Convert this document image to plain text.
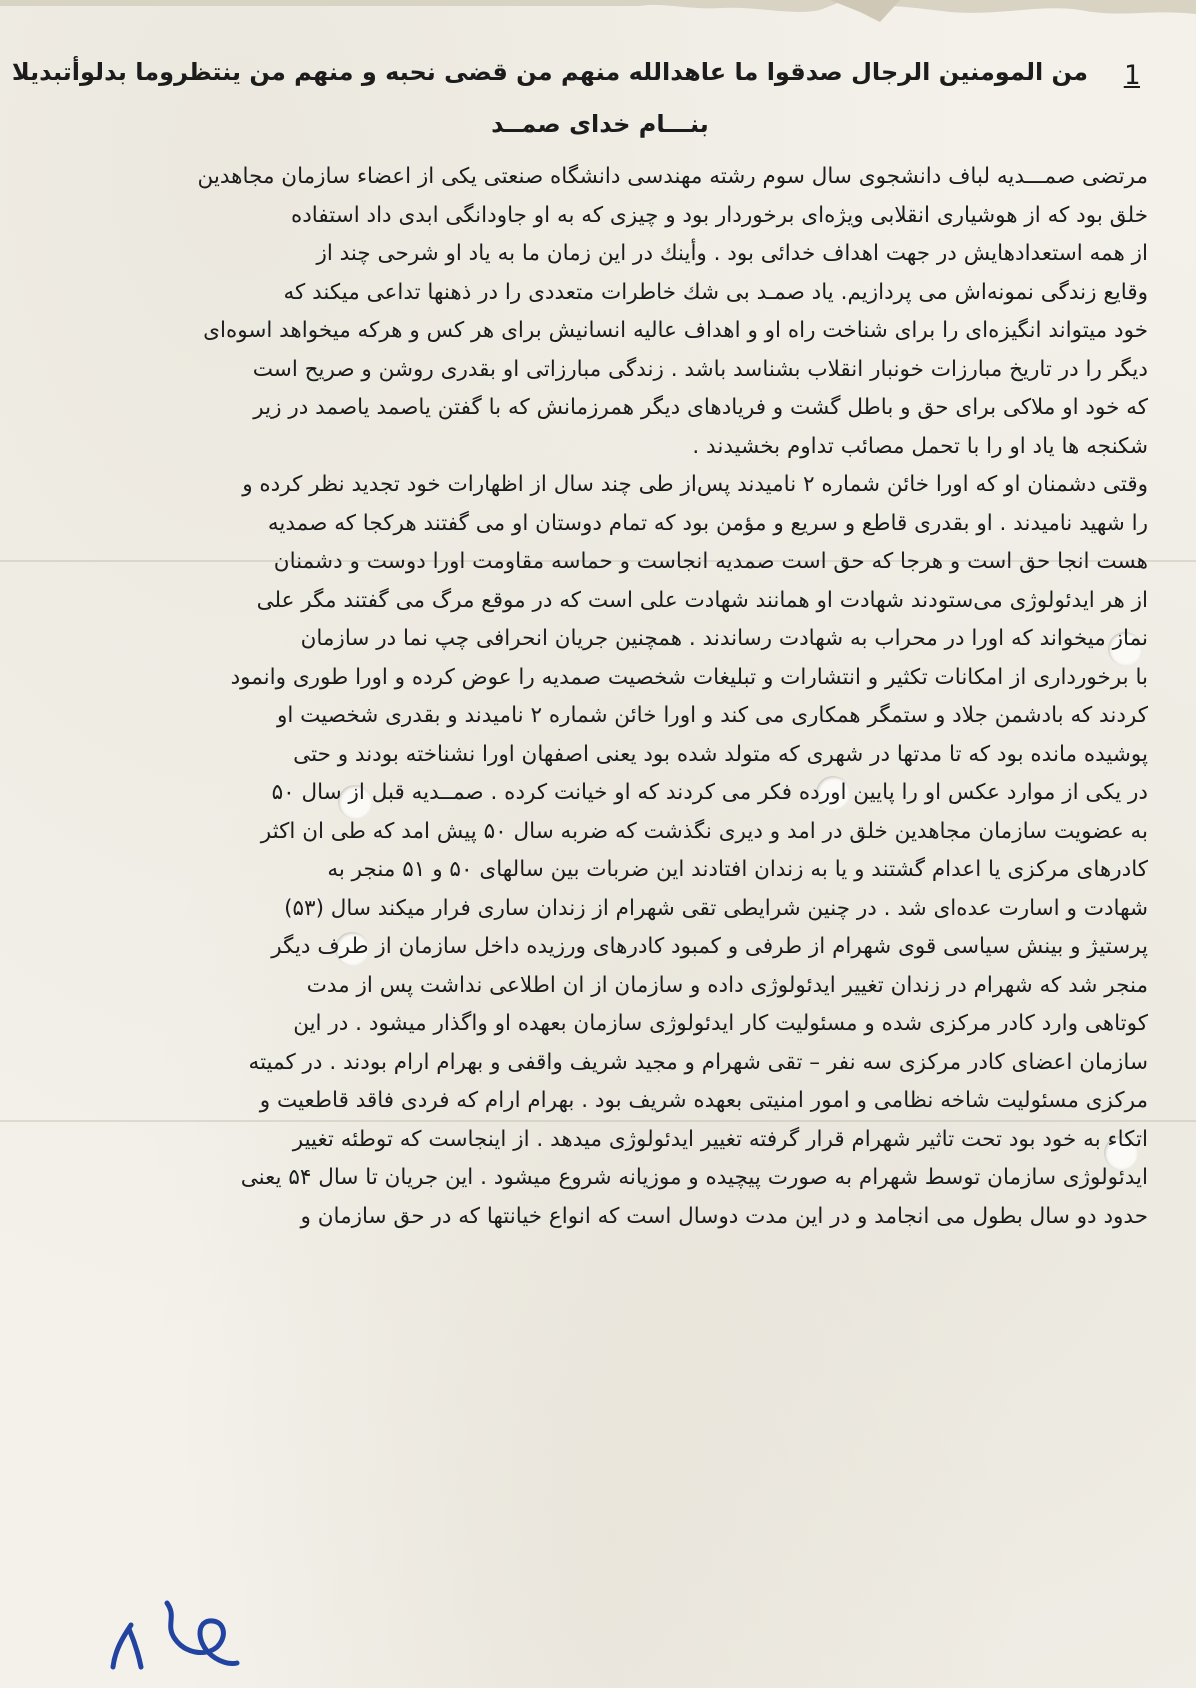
1
من المومنین الرجال صدقوا ما عاهدالله منهم من قضی نحبه و منهم من ینتظروما بدلوأتبدیلا
بنـــام خدای صمــد
مرتضی صمـــدیه لباف دانشجوی سال سوم رشته مهندسی دانشگاه صنعتی یکی از اعضاء سازمان مجاهدین
خلق بود که از هوشیاری انقلابی ویژه‌ای برخوردار بود و چیزی که به او جاودانگی ابدی داد استفاده
از همه استعدادهایش در جهت اهداف خدائی بود . وأینك در این زمان ما به یاد او شرحی چند از
وقایع زندگی نمونه‌اش می پردازیم. یاد صمـد بی شك خاطرات متعددی را در ذهنها تداعی میکند که
خود میتواند انگیزه‌ای را برای شناخت راه او و اهداف عالیه انسانیش برای هر کس و هرکه میخواهد اسوه‌ای
دیگر را در تاریخ مبارزات خونبار انقلاب بشناسد باشد . زندگی مبارزاتی او بقدری روشن و صریح است
که خود او ملاکی برای حق و باطل گشت و فریادهای دیگر همرزمانش که با گفتن یاصمد یاصمد در زیر
شکنجه ها یاد او را با تحمل مصائب تداوم بخشیدند .
وقتی دشمنان او که اورا خائن شماره ۲ نامیدند پس‌از طی چند سال از اظهارات خود تجدید نظر کرده و
را شهید نامیدند . او بقدری قاطع و سریع و مؤمن بود که تمام دوستان او می گفتند هرکجا که صمدیه
هست انجا حق است و هرجا که حق است صمدیه انجاست و حماسه مقاومت اورا دوست و دشمنان
از هر ایدئولوژی می‌ستودند شهادت او همانند شهادت علی است که در موقع مرگ می گفتند مگر علی
نماز میخواند که اورا در محراب به شهادت رساندند . همچنین جریان انحرافی چپ نما در سازمان
با برخورداری از امکانات تکثیر و انتشارات و تبلیغات شخصیت صمدیه را عوض کرده و اورا طوری وانمود
کردند که بادشمن جلاد و ستمگر همکاری می کند و اورا خائن شماره ۲ نامیدند و بقدری شخصیت او
پوشیده مانده بود که تا مدتها در شهری که متولد شده بود یعنی اصفهان اورا نشناخته بودند و حتی
در یکی از موارد عکس او را پایین اورده فکر می کردند که او خیانت کرده . صمــدیه قبل از سال ۵۰
به عضویت سازمان مجاهدین خلق در امد و دیری نگذشت که ضربه سال ۵۰ پیش امد که طی ان اکثر
کادرهای مرکزی یا اعدام گشتند و یا به زندان افتادند این ضربات بین سالهای ۵۰ و ۵۱ منجر به
شهادت و اسارت عده‌ای شد . در چنین شرایطی تقی شهرام از زندان ساری فرار میکند سال (۵۳)
پرستیژ و بینش سیاسی قوی شهرام از طرفی و کمبود کادرهای ورزیده داخل سازمان از طرف دیگر
منجر شد که شهرام در زندان تغییر ایدئولوژی داده و سازمان از ان اطلاعی نداشت پس از مدت
کوتاهی وارد کادر مرکزی شده و مسئولیت کار ایدئولوژی سازمان بعهده او واگذار میشود . در این
سازمان اعضای کادر مرکزی سه نفر – تقی شهرام و مجید شریف واقفی و بهرام ارام بودند . در کمیته
مرکزی مسئولیت شاخه نظامی و امور امنیتی بعهده شریف بود . بهرام ارام که فردی فاقد قاطعیت و
اتکاء به خود بود تحت تاثیر شهرام قرار گرفته تغییر ایدئولوژی میدهد . از اینجاست که توطئه تغییر
ایدئولوژی سازمان توسط شهرام به صورت پیچیده و موزیانه شروع میشود . این جریان تا سال ۵۴ یعنی
حدود دو سال بطول می انجامد و در این مدت دوسال است که انواع خیانتها که در حق سازمان و
